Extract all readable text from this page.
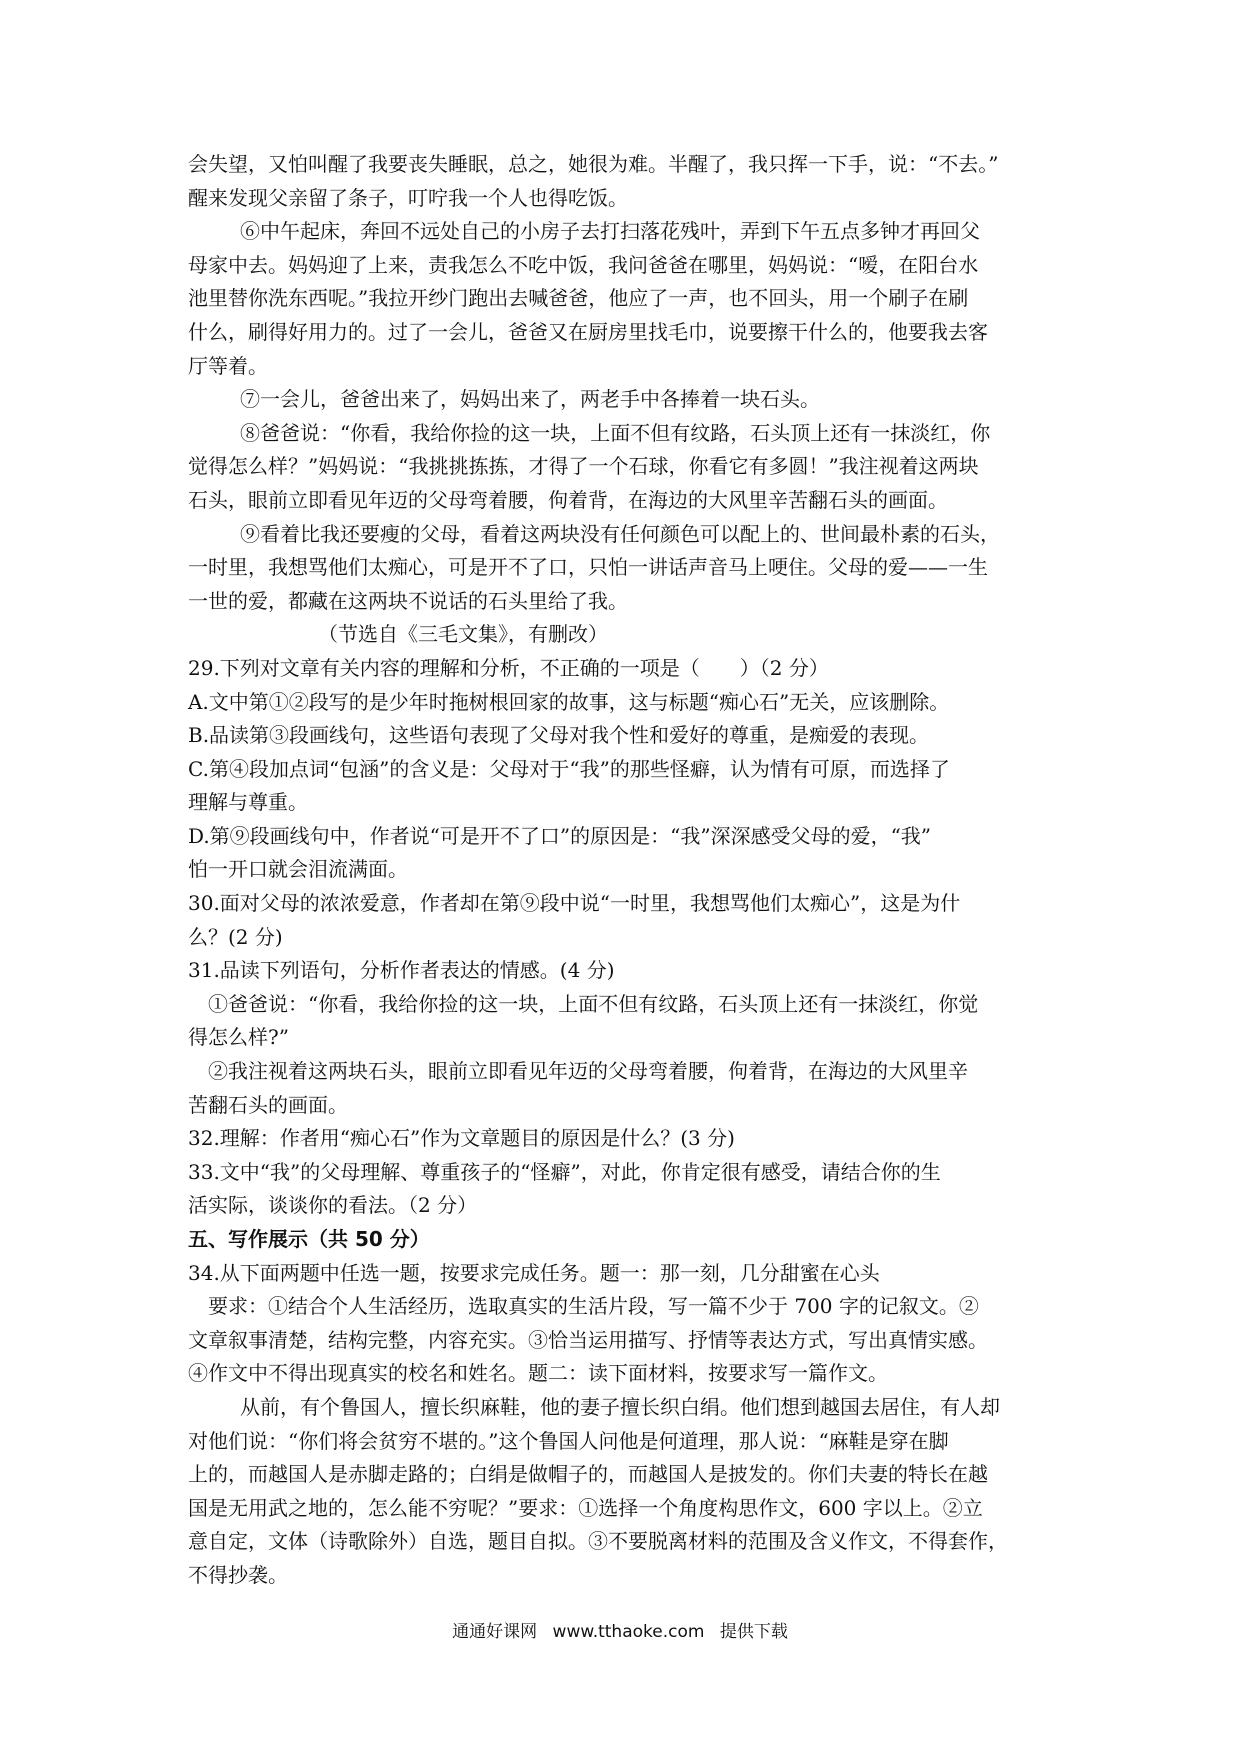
会失望，又怕叫醒了我要丧失睡眠，总之，她很为难。半醒了，我只挥一下手，说：“不去。”

醒来发现父亲留了条子，叮咛我一个人也得吃饭。

⑥中午起床，奔回不远处自己的小房子去打扫落花残叶，弄到下午五点多钟才再回父

母家中去。妈妈迎了上来，责我怎么不吃中饭，我问爸爸在哪里，妈妈说：“嗳，在阳台水

池里替你洗东西呢。”我拉开纱门跑出去喊爸爸，他应了一声，也不回头，用一个刷子在刷

什么，刷得好用力的。过了一会儿，爸爸又在厨房里找毛巾，说要擦干什么的，他要我去客

厅等着。

⑦一会儿，爸爸出来了，妈妈出来了，两老手中各捧着一块石头。

⑧爸爸说：“你看，我给你捡的这一块，上面不但有纹路，石头顶上还有一抹淡红，你

觉得怎么样？”妈妈说：“我挑挑拣拣，才得了一个石球，你看它有多圆！”我注视着这两块

石头，眼前立即看见年迈的父母弯着腰，佝着背，在海边的大风里辛苦翻石头的画面。

⑨看着比我还要瘦的父母，看着这两块没有任何颜色可以配上的、世间最朴素的石头，

一时里，我想骂他们太痴心，可是开不了口，只怕一讲话声音马上哽住。父母的爱——一生

一世的爱，都藏在这两块不说话的石头里给了我。

（节选自《三毛文集》，有删改）

29.下列对文章有关内容的理解和分析，不正确的一项是（　　）（2 分）

A.文中第①②段写的是少年时拖树根回家的故事，这与标题“痴心石”无关，应该删除。

B.品读第③段画线句，这些语句表现了父母对我个性和爱好的尊重，是痴爱的表现。

C.第④段加点词“包涵”的含义是：父母对于“我”的那些怪癖，认为情有可原，而选择了

理解与尊重。

D.第⑨段画线句中，作者说“可是开不了口”的原因是：“我”深深感受父母的爱，“我”

怕一开口就会泪流满面。

30.面对父母的浓浓爱意，作者却在第⑨段中说“一时里，我想骂他们太痴心”，这是为什

么？(2 分)

31.品读下列语句，分析作者表达的情感。(4 分)

①爸爸说：“你看，我给你捡的这一块，上面不但有纹路，石头顶上还有一抹淡红，你觉

得怎么样?”

②我注视着这两块石头，眼前立即看见年迈的父母弯着腰，佝着背，在海边的大风里辛

苦翻石头的画面。

32.理解：作者用“痴心石”作为文章题目的原因是什么？(3 分)

33.文中“我”的父母理解、尊重孩子的“怪癖”，对此，你肯定很有感受，请结合你的生

活实际，谈谈你的看法。（2 分）

五、写作展示（共 50 分）

34.从下面两题中任选一题，按要求完成任务。题一：那一刻，几分甜蜜在心头

要求：①结合个人生活经历，选取真实的生活片段，写一篇不少于 700 字的记叙文。②

文章叙事清楚，结构完整，内容充实。③恰当运用描写、抒情等表达方式，写出真情实感。

④作文中不得出现真实的校名和姓名。题二：读下面材料，按要求写一篇作文。

从前，有个鲁国人，擅长织麻鞋，他的妻子擅长织白绢。他们想到越国去居住，有人却

对他们说：“你们将会贫穷不堪的。”这个鲁国人问他是何道理，那人说：“麻鞋是穿在脚

上的，而越国人是赤脚走路的；白绢是做帽子的，而越国人是披发的。你们夫妻的特长在越

国是无用武之地的，怎么能不穷呢？”要求：①选择一个角度构思作文，600 字以上。②立

意自定，文体（诗歌除外）自选，题目自拟。③不要脱离材料的范围及含义作文，不得套作，

不得抄袭。

通通好课网 www.tthaoke.com 提供下载
